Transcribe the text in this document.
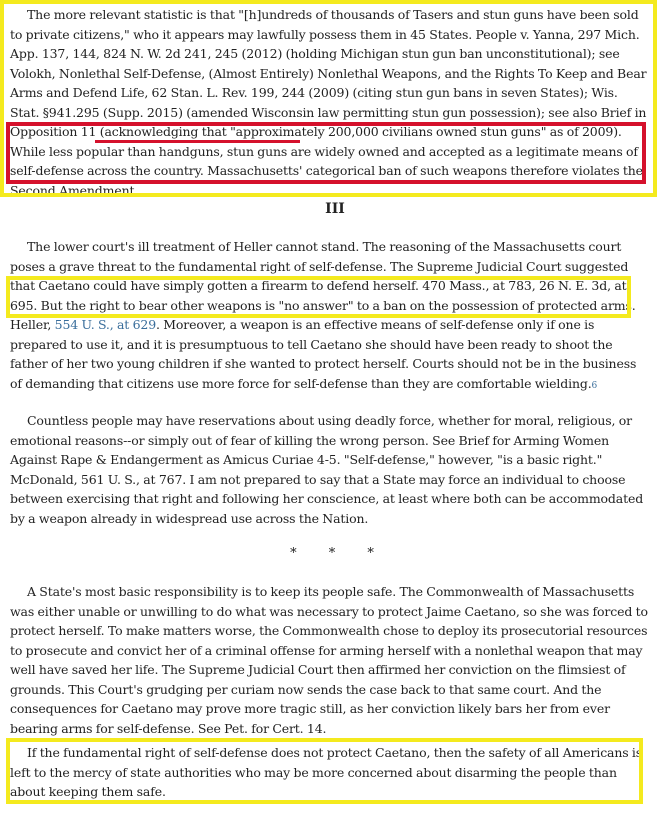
The more relevant statistic is that "[h]undreds of thousands of Tasers and stun guns have been sold to private citizens," who it appears may lawfully possess them in 45 States. People v. Yanna, 297 Mich. App. 137, 144, 824 N. W. 2d 241, 245 (2012) (holding Michigan stun gun ban unconstitutional); see Volokh, Nonlethal Self-Defense, (Almost Entirely) Nonlethal Weapons, and the Rights To Keep and Bear Arms and Defend Life, 62 Stan. L. Rev. 199, 244 (2009) (citing stun gun bans in seven States); Wis. Stat. §941.295 (Supp. 2015) (amended Wisconsin law permitting stun gun possession); see also Brief in Opposition 11 (acknowledging that "approximately 200,000 civilians owned stun guns" as of 2009). While less popular than handguns, stun guns are widely owned and accepted as a legitimate means of self-defense across the country. Massachusetts' categorical ban of such weapons therefore violates the Second Amendment.

III

The lower court's ill treatment of Heller cannot stand. The reasoning of the Massachusetts court poses a grave threat to the fundamental right of self-defense. The Supreme Judicial Court suggested that Caetano could have simply gotten a firearm to defend herself. 470 Mass., at 783, 26 N. E. 3d, at 695. But the right to bear other weapons is "no answer" to a ban on the possession of protected arms. Heller, 554 U. S., at 629. Moreover, a weapon is an effective means of self-defense only if one is prepared to use it, and it is presumptuous to tell Caetano she should have been ready to shoot the father of her two young children if she wanted to protect herself. Courts should not be in the business of demanding that citizens use more force for self-defense than they are comfortable wielding.6

Countless people may have reservations about using deadly force, whether for moral, religious, or emotional reasons--or simply out of fear of killing the wrong person. See Brief for Arming Women Against Rape & Endangerment as Amicus Curiae 4-5. "Self-defense," however, "is a basic right." McDonald, 561 U. S., at 767. I am not prepared to say that a State may force an individual to choose between exercising that right and following her conscience, at least where both can be accommodated by a weapon already in widespread use across the Nation.

* * *

A State's most basic responsibility is to keep its people safe. The Commonwealth of Massachusetts was either unable or unwilling to do what was necessary to protect Jaime Caetano, so she was forced to protect herself. To make matters worse, the Commonwealth chose to deploy its prosecutorial resources to prosecute and convict her of a criminal offense for arming herself with a nonlethal weapon that may well have saved her life. The Supreme Judicial Court then affirmed her conviction on the flimsiest of grounds. This Court's grudging per curiam now sends the case back to that same court. And the consequences for Caetano may prove more tragic still, as her conviction likely bars her from ever bearing arms for self-defense. See Pet. for Cert. 14.

If the fundamental right of self-defense does not protect Caetano, then the safety of all Americans is left to the mercy of state authorities who may be more concerned about disarming the people than about keeping them safe.
